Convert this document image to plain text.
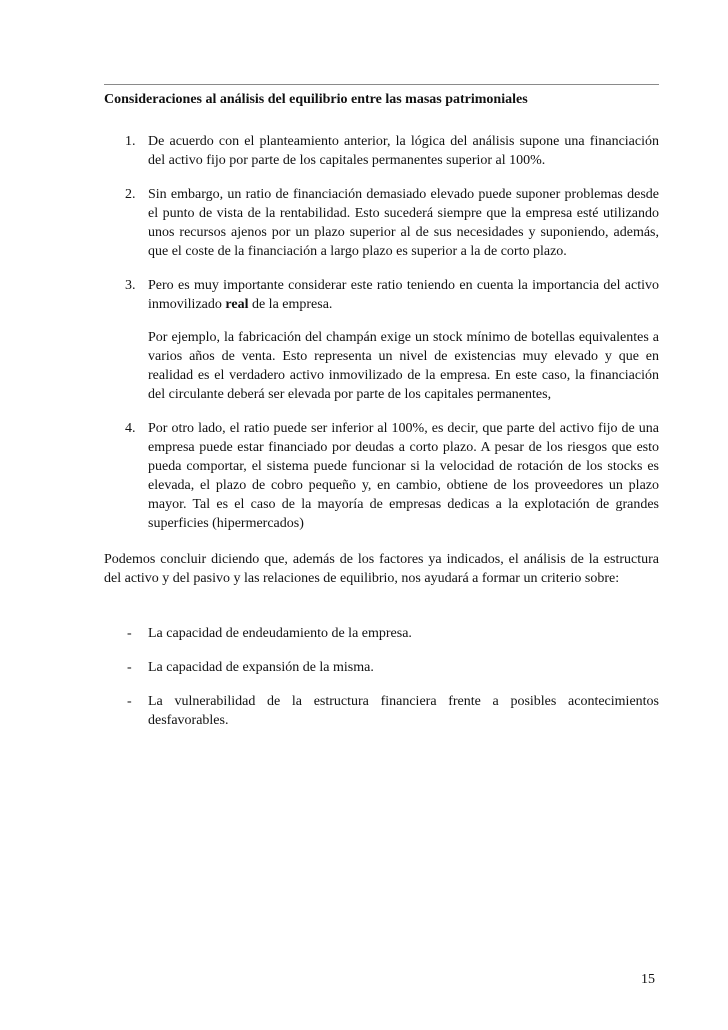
Consideraciones al análisis del equilibrio entre las masas patrimoniales
1. De acuerdo con el planteamiento anterior, la lógica del análisis supone una financiación del activo fijo por parte de los capitales permanentes superior al 100%.

2. Sin embargo, un ratio de financiación demasiado elevado puede suponer problemas desde el punto de vista de la rentabilidad. Esto sucederá siempre que la empresa esté utilizando unos recursos ajenos por un plazo superior al de sus necesidades y suponiendo, además, que el coste de la financiación a largo plazo es superior a la de corto plazo.

3. Pero es muy importante considerar este ratio teniendo en cuenta la importancia del activo inmovilizado real de la empresa.

Por ejemplo, la fabricación del champán exige un stock mínimo de botellas equivalentes a varios años de venta. Esto representa un nivel de existencias muy elevado y que en realidad es el verdadero activo inmovilizado de la empresa. En este caso, la financiación del circulante deberá ser elevada por parte de los capitales permanentes,

4. Por otro lado, el ratio puede ser inferior al 100%, es decir, que parte del activo fijo de una empresa puede estar financiado por deudas a corto plazo. A pesar de los riesgos que esto pueda comportar, el sistema puede funcionar si la velocidad de rotación de los stocks es elevada, el plazo de cobro pequeño y, en cambio, obtiene de los proveedores un plazo mayor. Tal es el caso de la mayoría de empresas dedicas a la explotación de grandes superficies (hipermercados)

Podemos concluir diciendo que, además de los factores ya indicados, el análisis de la estructura del activo y del pasivo y las relaciones de equilibrio, nos ayudará a formar un criterio sobre:

- La capacidad de endeudamiento de la empresa.

- La capacidad de expansión de la misma.

- La vulnerabilidad de la estructura financiera frente a posibles acontecimientos desfavorables.

15
